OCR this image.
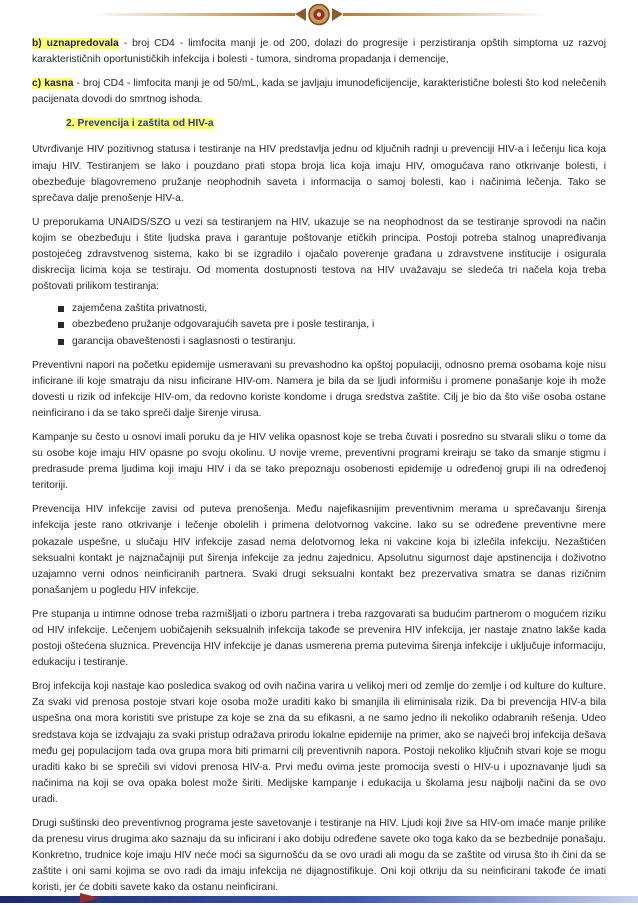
b) uznapredovala - broj CD4 - limfocita manji je od 200, dolazi do progresije i perzistiranja opštih simptoma uz razvoj karakterističnih oportunističkih infekcija i bolesti - tumora, sindroma propadanja i demencije,

c) kasna - broj CD4 - limfocita manji je od 50/mL, kada se javljaju imunodeficijencije, karakteristične bolesti što kod nelečenih pacijenata dovodi do smrtnog ishoda.

2. Prevencija i zaštita od HIV-a

Utvrđivanje HIV pozitivnog statusa i testiranje na HIV predstavlja jednu od ključnih radnji u prevenciji HIV-a i lečenju lica koja imaju HIV. Testiranjem se lako i pouzdano prati stopa broja lica koja imaju HIV, omogućava rano otkrivanje bolesti, i obezbeđuje blagovremeno pružanje neophodnih saveta i informacija o samoj bolesti, kao i načinima lečenja. Tako se sprečava dalje prenošenje HIV-a.

U preporukama UNAIDS/SZO u vezi sa testiranjem na HIV, ukazuje se na neophodnost da se testiranje sprovodi na način kojim se obezbeđuju i štite ljudska prava i garantuje poštovanje etičkih principa. Postoji potreba stalnog unapređivanja postojećeg zdravstvenog sistema, kako bi se izgradilo i ojačalo poverenje građana u zdravstvene institucije i osigurala diskrecija licima koja se testiraju. Od momenta dostupnosti testova na HIV uvažavaju se sledeća tri načela koja treba poštovati prilikom testiranja:

zajemčena zaštita privatnosti,
obezbeđeno pružanje odgovarajućih saveta pre i posle testiranja, i
garancija obaveštenosti i saglasnosti o testiranju.

Preventivni napori na početku epidemije usmeravani su prevashodno ka opštoj populaciji, odnosno prema osobama koje nisu inficirane ili koje smatraju da nisu inficirane HIV-om. Namera je bila da se ljudi informišu i promene ponašanje koje ih može dovesti u rizik od infekcije HIV-om, da redovno koriste kondome i druga sredstva zaštite. Cilj je bio da što više osoba ostane neinficirano i da se tako spreči dalje širenje virusa.

Kampanje su često u osnovi imali poruku da je HIV velika opasnost koje se treba čuvati i posredno su stvarali sliku o tome da su osobe koje imaju HIV opasne po svoju okolinu. U novije vreme, preventivni programi kreiraju se tako da smanje stigmu i predrasude prema ljudima koji imaju HIV i da se tako prepoznaju osobenosti epidemije u određenoj grupi ili na određenoj teritoriji.

Prevencija HIV infekcije zavisi od puteva prenošenja. Među najefikasnijim preventivnim merama u sprečavanju širenja infekcija jeste rano otkrivanje i lečenje obolelih i primena delotvornog vakcine. Iako su se određene preventivne mere pokazale uspešne, u slučaju HIV infekcije zasad nema delotvornog leka ni vakcine koja bi izlečila infekciju. Nezaštićen seksualni kontakt je najznačajniji put širenja infekcije za jednu zajednicu. Apsolutnu sigurnost daje apstinencija i doživotno uzajamno verni odnos neinficiranih partnera. Svaki drugi seksualni kontakt bez prezervativa smatra se danas rizičnim ponašanjem u pogledu HIV infekcije.

Pre stupanja u intimne odnose treba razmišljati o izboru partnera i treba razgovarati sa budućim partnerom o mogućem riziku od HIV infekcije. Lečenjem uobičajenih seksualnih infekcija takođe se prevenira HIV infekcija, jer nastaje znatno lakše kada postoji oštećena sluznica. Prevencija HIV infekcije je danas usmerena prema putevima širenja infekcije i uključuje informaciju, edukaciju i testiranje.

Broj infekcija koji nastaje kao posledica svakog od ovih načina varira u velikoj meri od zemlje do zemlje i od kulture do kulture. Za svaki vid prenosa postoje stvari koje osoba može uraditi kako bi smanjila ili eliminisala rizik. Da bi prevencija HIV-a bila uspešna ona mora koristiti sve pristupe za koje se zna da su efikasni, a ne samo jedno ili nekoliko odabranih rešenja. Udeo sredstava koja se izdvajaju za svaki pristup odražava prirodu lokalne epidemije na primer, ako se najveći broj infekcija dešava među gej populacijom tada ova grupa mora biti primarni cilj preventivnih napora. Postoji nekoliko ključnih stvari koje se mogu uraditi kako bi se sprečili svi vidovi prenosa HIV-a. Prvi među ovima jeste promocija svesti o HIV-u i upoznavanje ljudi sa načinima na koji se ova opaka bolest može širiti. Medijske kampanje i edukacija u školama jesu najbolji načini da se ovo uradi.

Drugi suštinski deo preventivnog programa jeste savetovanje i testiranje na HIV. Ljudi koji žive sa HIV-om imaće manje prilike da prenesu virus drugima ako saznaju da su inficirani i ako dobiju određene savete oko toga kako da se bezbednije ponašaju. Konkretno, trudnice koje imaju HIV neće moći sa sigurnošću da se ovo uradi ali mogu da se zaštite od virusa što ih čini da se zaštite i oni sami kojima se ovo radi da imaju infekcija ne dijagnostifikuje. Oni koji otkriju da su neinficirani takođe će imati koristi, jer će dobiti savete kako da ostanu neinficirani.
